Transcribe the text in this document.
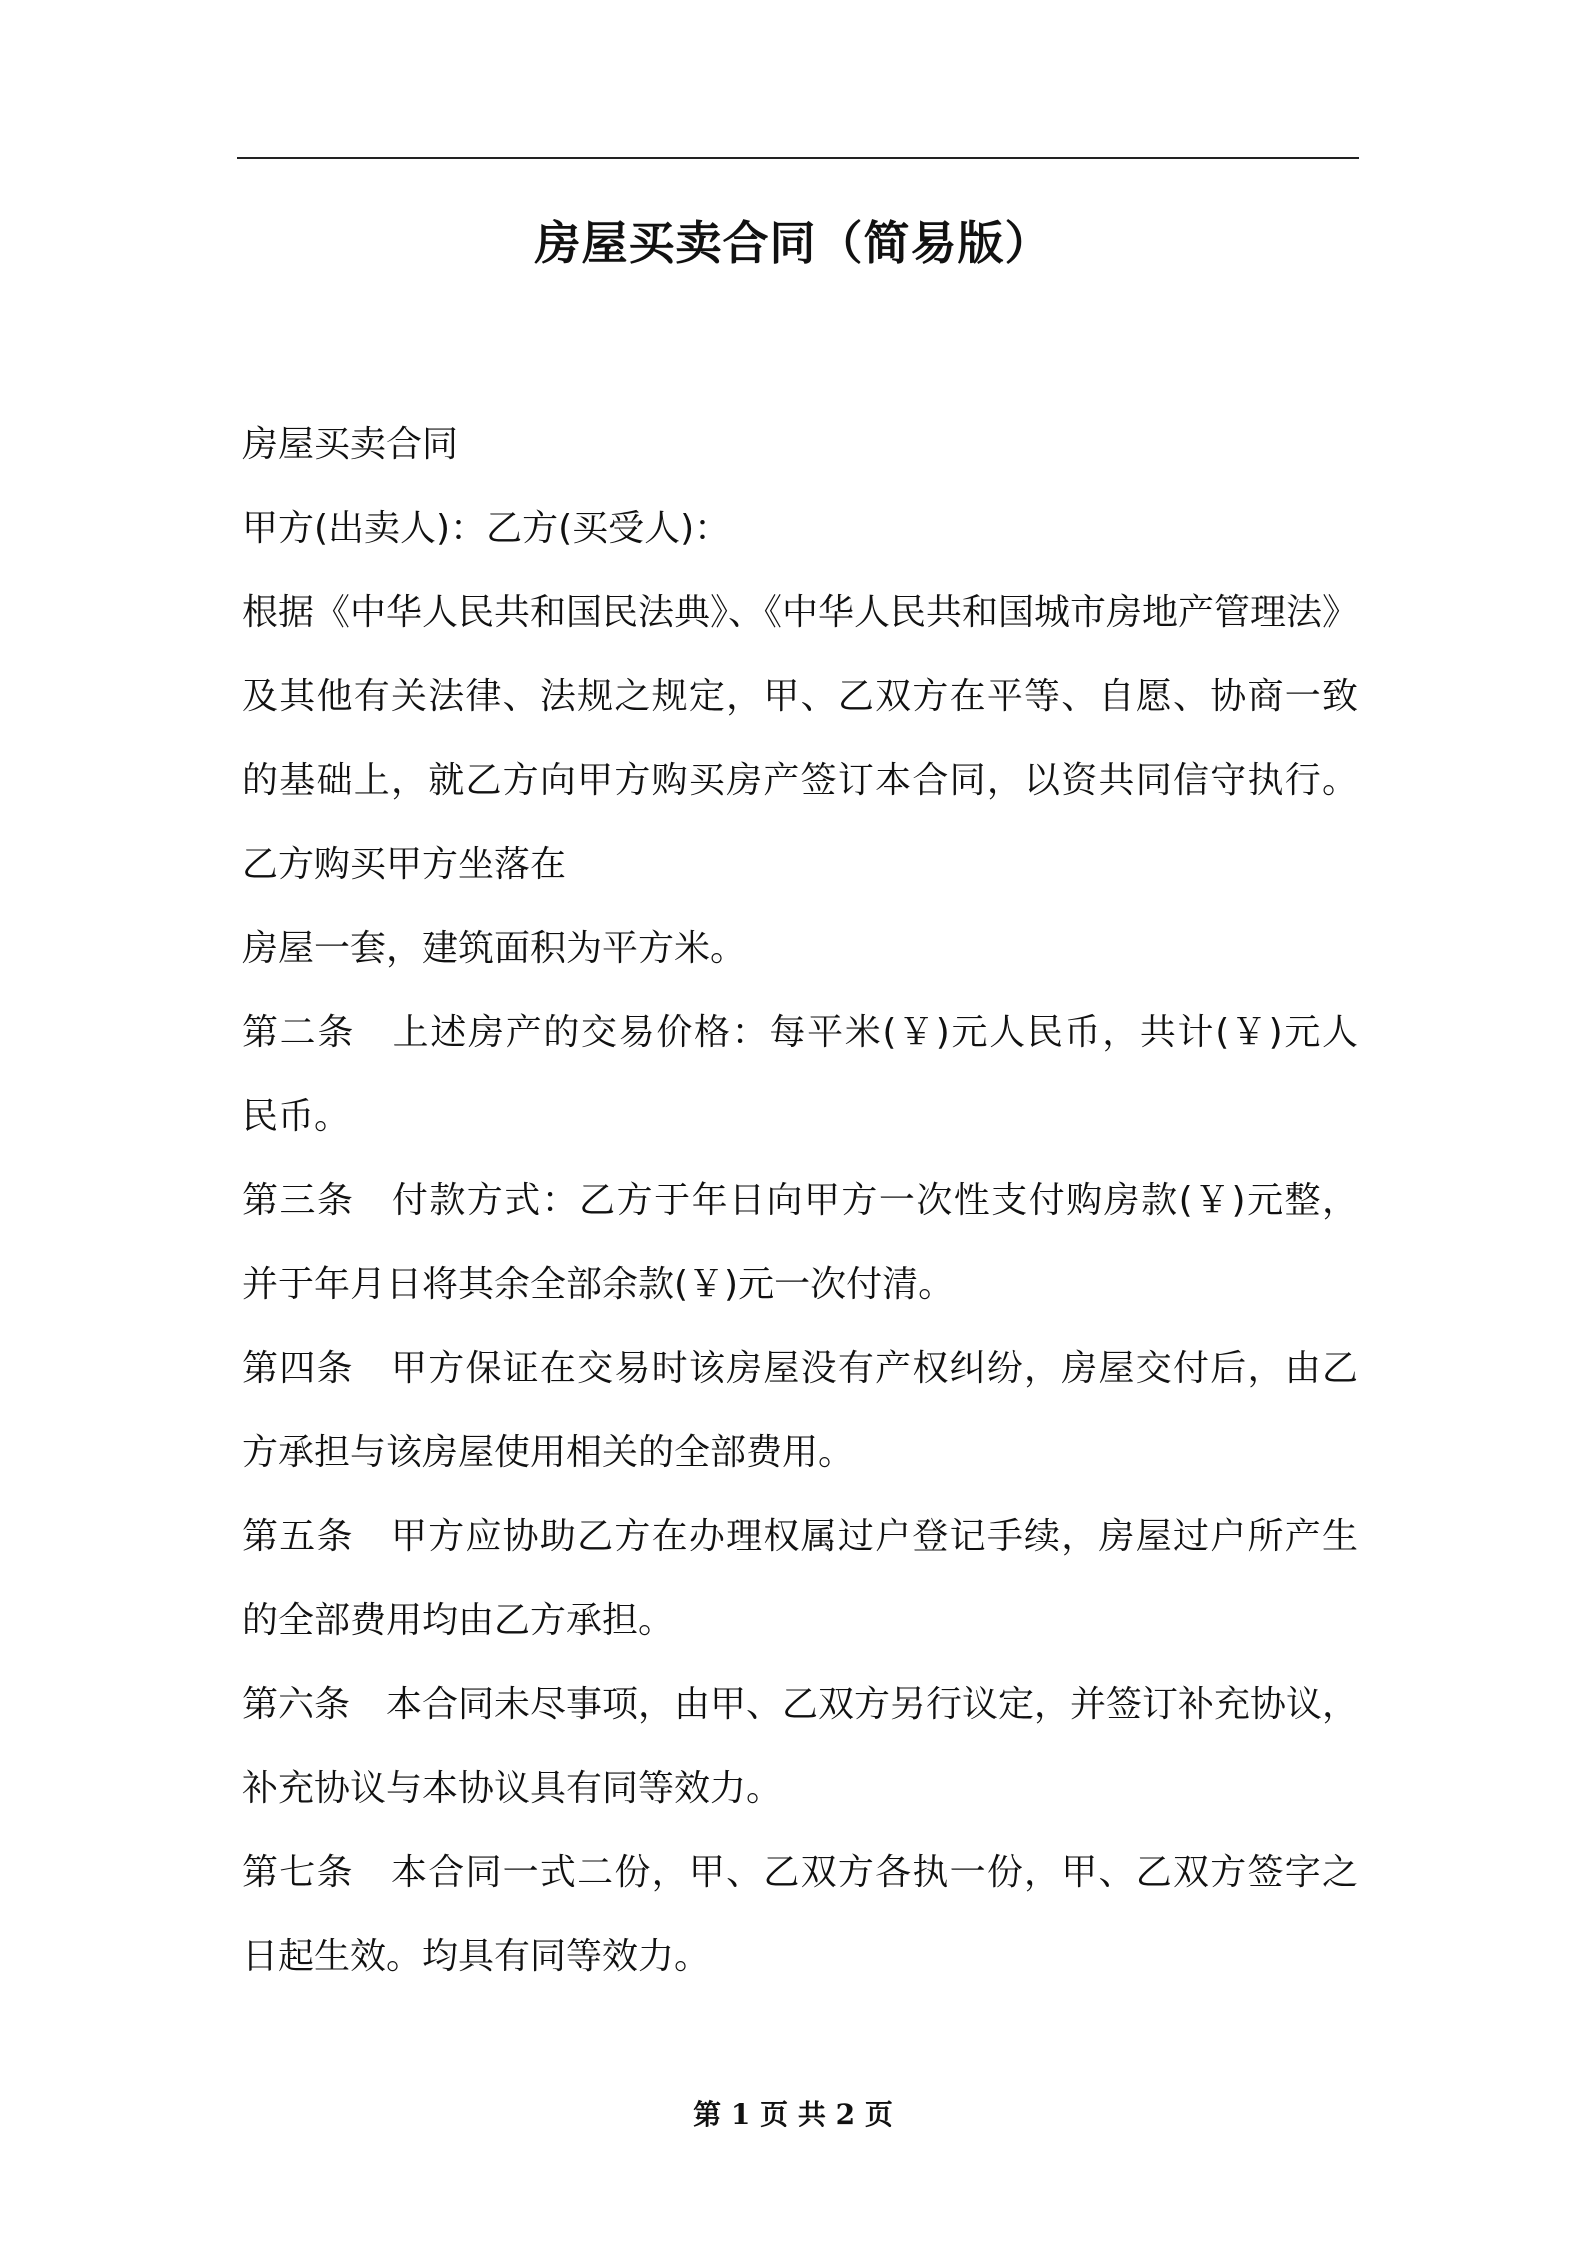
房屋买卖合同（简易版）
房屋买卖合同
甲方(出卖人)：乙方(买受人)：
根据《中华人民共和国民法典》、《中华人民共和国城市房地产管理法》
及其他有关法律、法规之规定，甲、乙双方在平等、自愿、协商一致
的基础上，就乙方向甲方购买房产签订本合同，以资共同信守执行。
乙方购买甲方坐落在
房屋一套，建筑面积为平方米。
第二条　上述房产的交易价格：每平米(￥)元人民币，共计(￥)元人
民币。
第三条　付款方式：乙方于年日向甲方一次性支付购房款(￥)元整，
并于年月日将其余全部余款(￥)元一次付清。
第四条　甲方保证在交易时该房屋没有产权纠纷，房屋交付后，由乙
方承担与该房屋使用相关的全部费用。
第五条　甲方应协助乙方在办理权属过户登记手续，房屋过户所产生
的全部费用均由乙方承担。
第六条　本合同未尽事项，由甲、乙双方另行议定，并签订补充协议，
补充协议与本协议具有同等效力。
第七条　本合同一式二份，甲、乙双方各执一份，甲、乙双方签字之
日起生效。均具有同等效力。
第 1 页 共 2 页
